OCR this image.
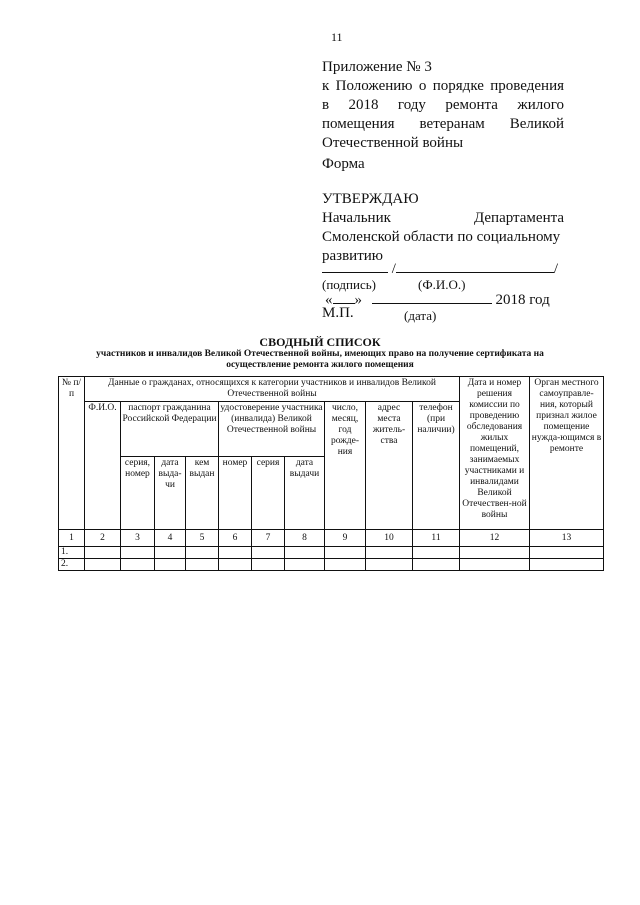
11
Приложение № 3
к Положению о порядке проведения
в 2018 году ремонта жилого
помещения ветеранам Великой
Отечественной войны
Форма
УТВЕРЖДАЮ
Начальник Департамента
Смоленской области по социальному
развитию
/	/
(подпись)	(Ф.И.О.)
« »	2018 год
М.П.	(дата)
СВОДНЫЙ СПИСОК
участников и инвалидов Великой Отечественной войны, имеющих право на получение сертификата на
осуществление ремонта жилого помещения
№ п/п	Данные о гражданах, относящихся к категории участников и инвалидов Великой Отечественной войны										Дата и номер решения комиссии по проведению обследования жилых помещений, занимаемых участниками и инвалидами Великой Отечествен-ной войны	Орган местного самоуправле-ния, который признал жилое помещение нужда-ющимся в ремонте
	Ф.И.О.	паспорт гражданина Российской Федерации			удостоверение участника (инвалида) Великой Отечественной войны			число, месяц, год рожде-ния	адрес места житель-ства	телефон (при наличии)		
		серия, номер	дата выда-чи	кем выдан	номер	серия	дата выдачи					
1	2	3	4	5	6	7	8	9	10	11	12	13
1.												
2.												
